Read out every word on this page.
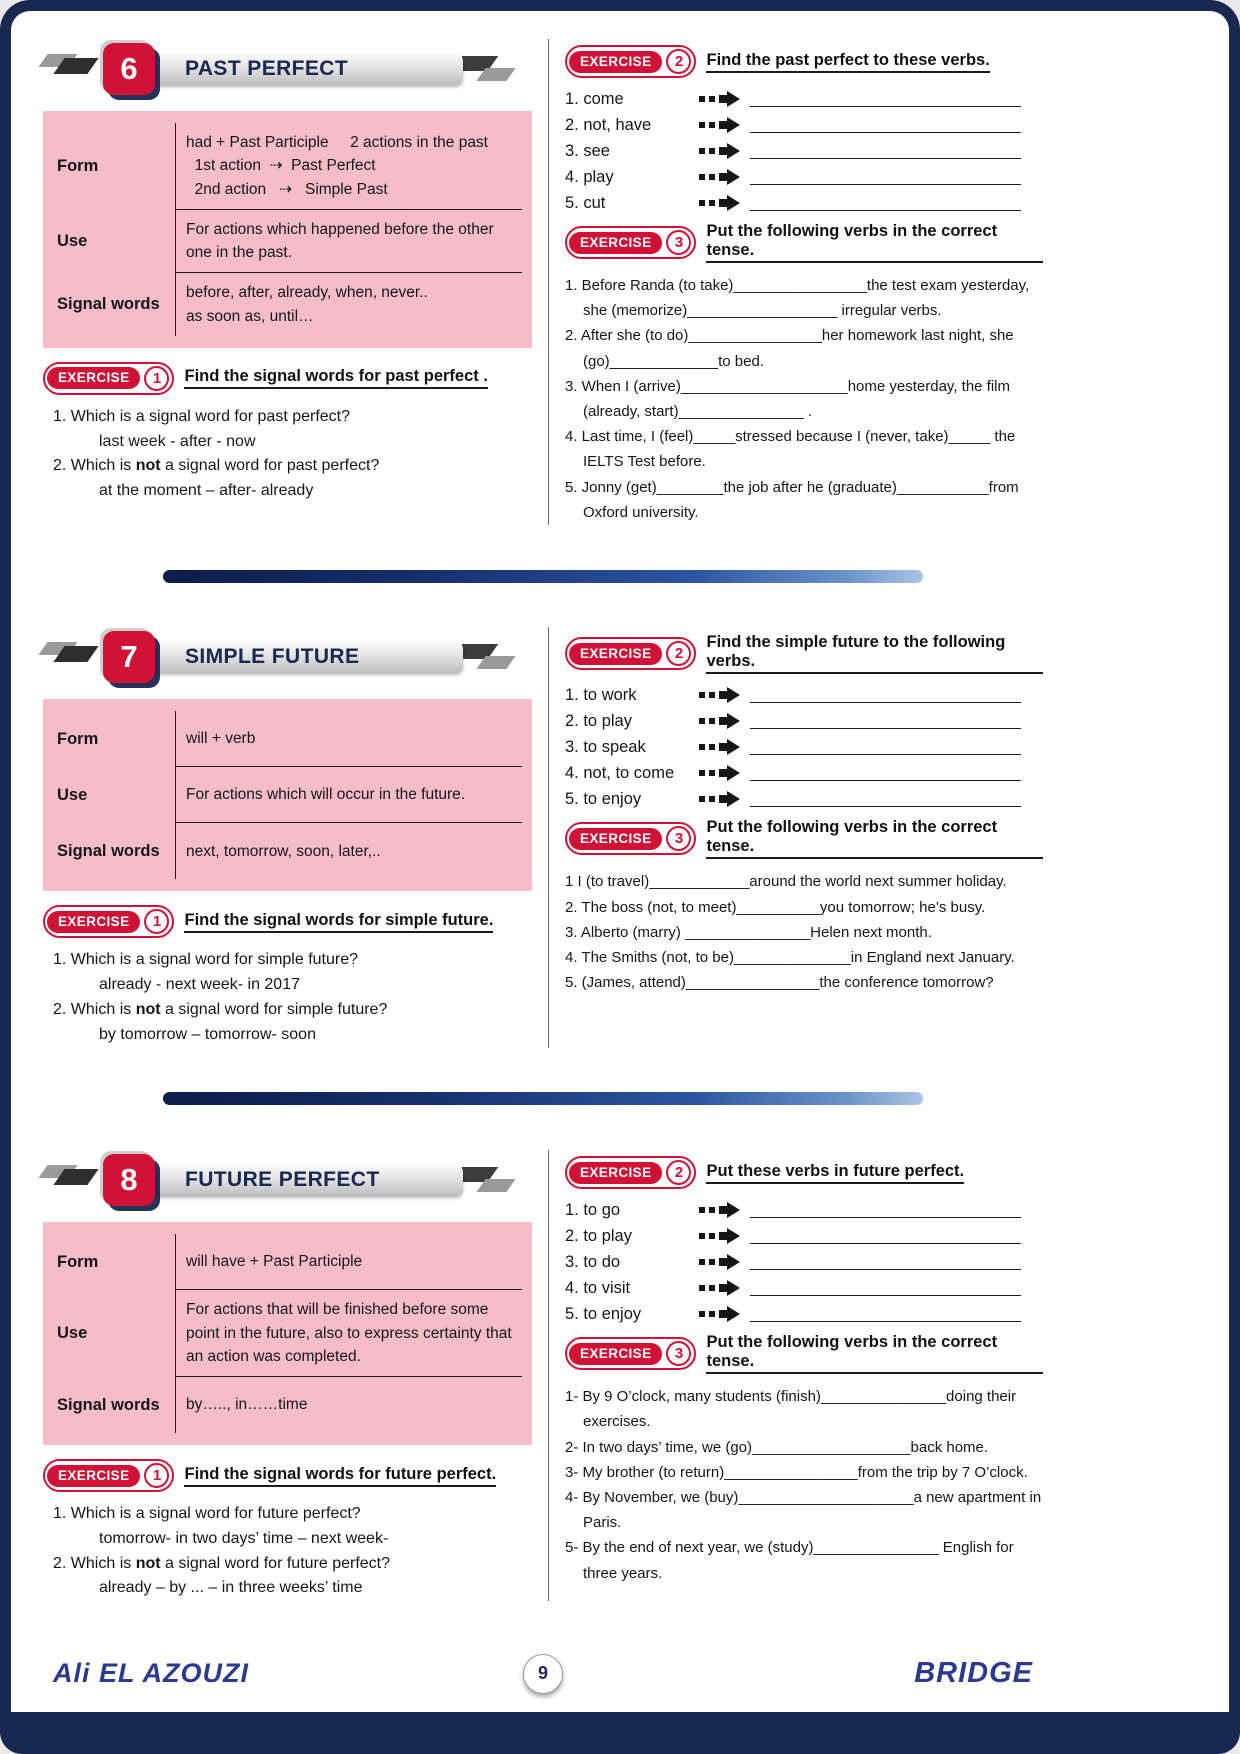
6	PAST PERFECT
Form
had + Past Participle     2 actions in the past
1st action  ⇢  Past Perfect
2nd action   ⇢   Simple Past
Use
For actions which happened before the other one in the past.
Signal words
before, after, already, when, never..
as soon as, until…
EXERCISE	1	Find the signal words for past perfect .
1. Which is a signal word for past perfect?
last week - after - now
2. Which is not a signal word for past perfect?
at the moment – after- already
EXERCISE	2	Find the past perfect to these verbs.
1. come
2. not, have
3. see
4. play
5. cut
EXERCISE	3
Put the following verbs in the correct tense.
1. Before Randa (to take)________________the test exam yesterday, she (memorize)__________________ irregular verbs.
2. After she (to do)________________her homework last night, she (go)_____________to bed.
3. When I (arrive)____________________home yesterday, the film (already, start)_______________ .
4. Last time, I (feel)_____stressed because I (never, take)_____ the IELTS Test before.
5. Jonny (get)________the job after he (graduate)___________from Oxford university.
7	SIMPLE FUTURE
Form	will + verb
Use	For actions which will occur in the future.
Signal words	next, tomorrow, soon, later,..
EXERCISE	1	Find the signal words for simple future.
1. Which is a signal word for simple future?
already - next week- in 2017
2. Which is not a signal word for simple future?
by tomorrow – tomorrow- soon
EXERCISE	2
Find the simple future to the following verbs.
1. to work
2. to play
3. to speak
4. not, to come
5. to enjoy
EXERCISE	3
Put the following verbs in the correct tense.
1 I (to travel)____________around the world next summer holiday.
2. The boss (not, to meet)__________you tomorrow; he’s busy.
3. Alberto (marry) _______________Helen next month.
4. The Smiths (not, to be)______________in England next January.
5. (James, attend)________________the conference tomorrow?
8	FUTURE PERFECT
Form	will have + Past Participle
Use
For actions that will be finished before some point in the future, also to express certainty that an action was completed.
Signal words	by….., in……time
EXERCISE	1	Find the signal words for future perfect.
1. Which is a signal word for future perfect?
tomorrow- in two days’ time – next week-
2. Which is not a signal word for future perfect?
already – by ... – in three weeks’ time
EXERCISE	2	Put these verbs in future perfect.
1. to go
2. to play
3. to do
4. to visit
5. to enjoy
EXERCISE	3
Put the following verbs in the correct tense.
1- By 9 O’clock, many students (finish)_______________doing their exercises.
2- In two days’ time, we (go)___________________back home.
3- My brother (to return)________________from the trip by 7 O’clock.
4- By November, we (buy)_____________________a new apartment in Paris.
5- By the end of next year, we (study)_______________ English for three years.
Ali EL AZOUZI	9	BRIDGE
